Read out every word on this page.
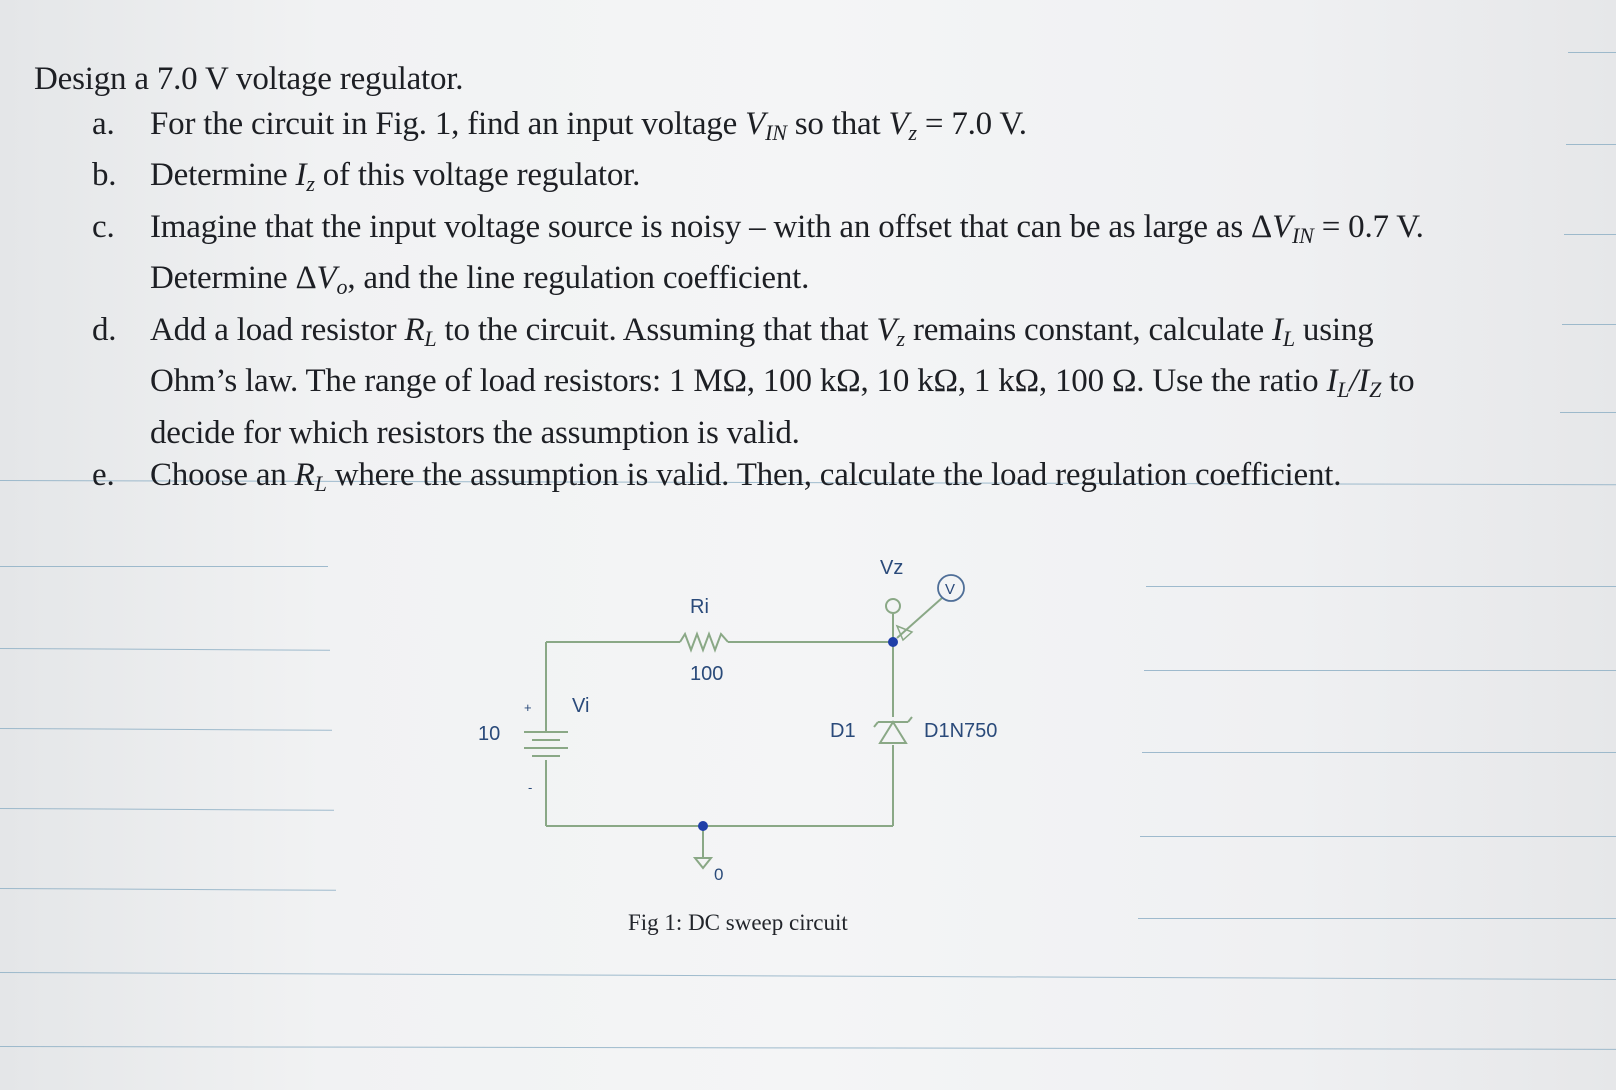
Design a 7.0 V voltage regulator.
a.	For the circuit in Fig. 1, find an input voltage $V_{IN}$ so that $V_z = 7.0$ V.
b.	Determine $I_z$ of this voltage regulator.
c.	Imagine that the input voltage source is noisy – with an offset that can be as large as $\Delta V_{IN} = 0.7$ V. Determine $\Delta V_o$, and the line regulation coefficient.
d.	Add a load resistor $R_L$ to the circuit. Assuming that that $V_z$ remains constant, calculate $I_L$ using Ohm’s law. The range of load resistors: 1 MΩ, 100 kΩ, 10 kΩ, 1 kΩ, 100 Ω. Use the ratio $I_L/I_Z$ to decide for which resistors the assumption is valid.
e.	Choose an $R_L$ where the assumption is valid. Then, calculate the load regulation coefficient.
10
Vi
+
-
Ri
100
D1	D1N750
Vz
V
0
Fig 1: DC sweep circuit
